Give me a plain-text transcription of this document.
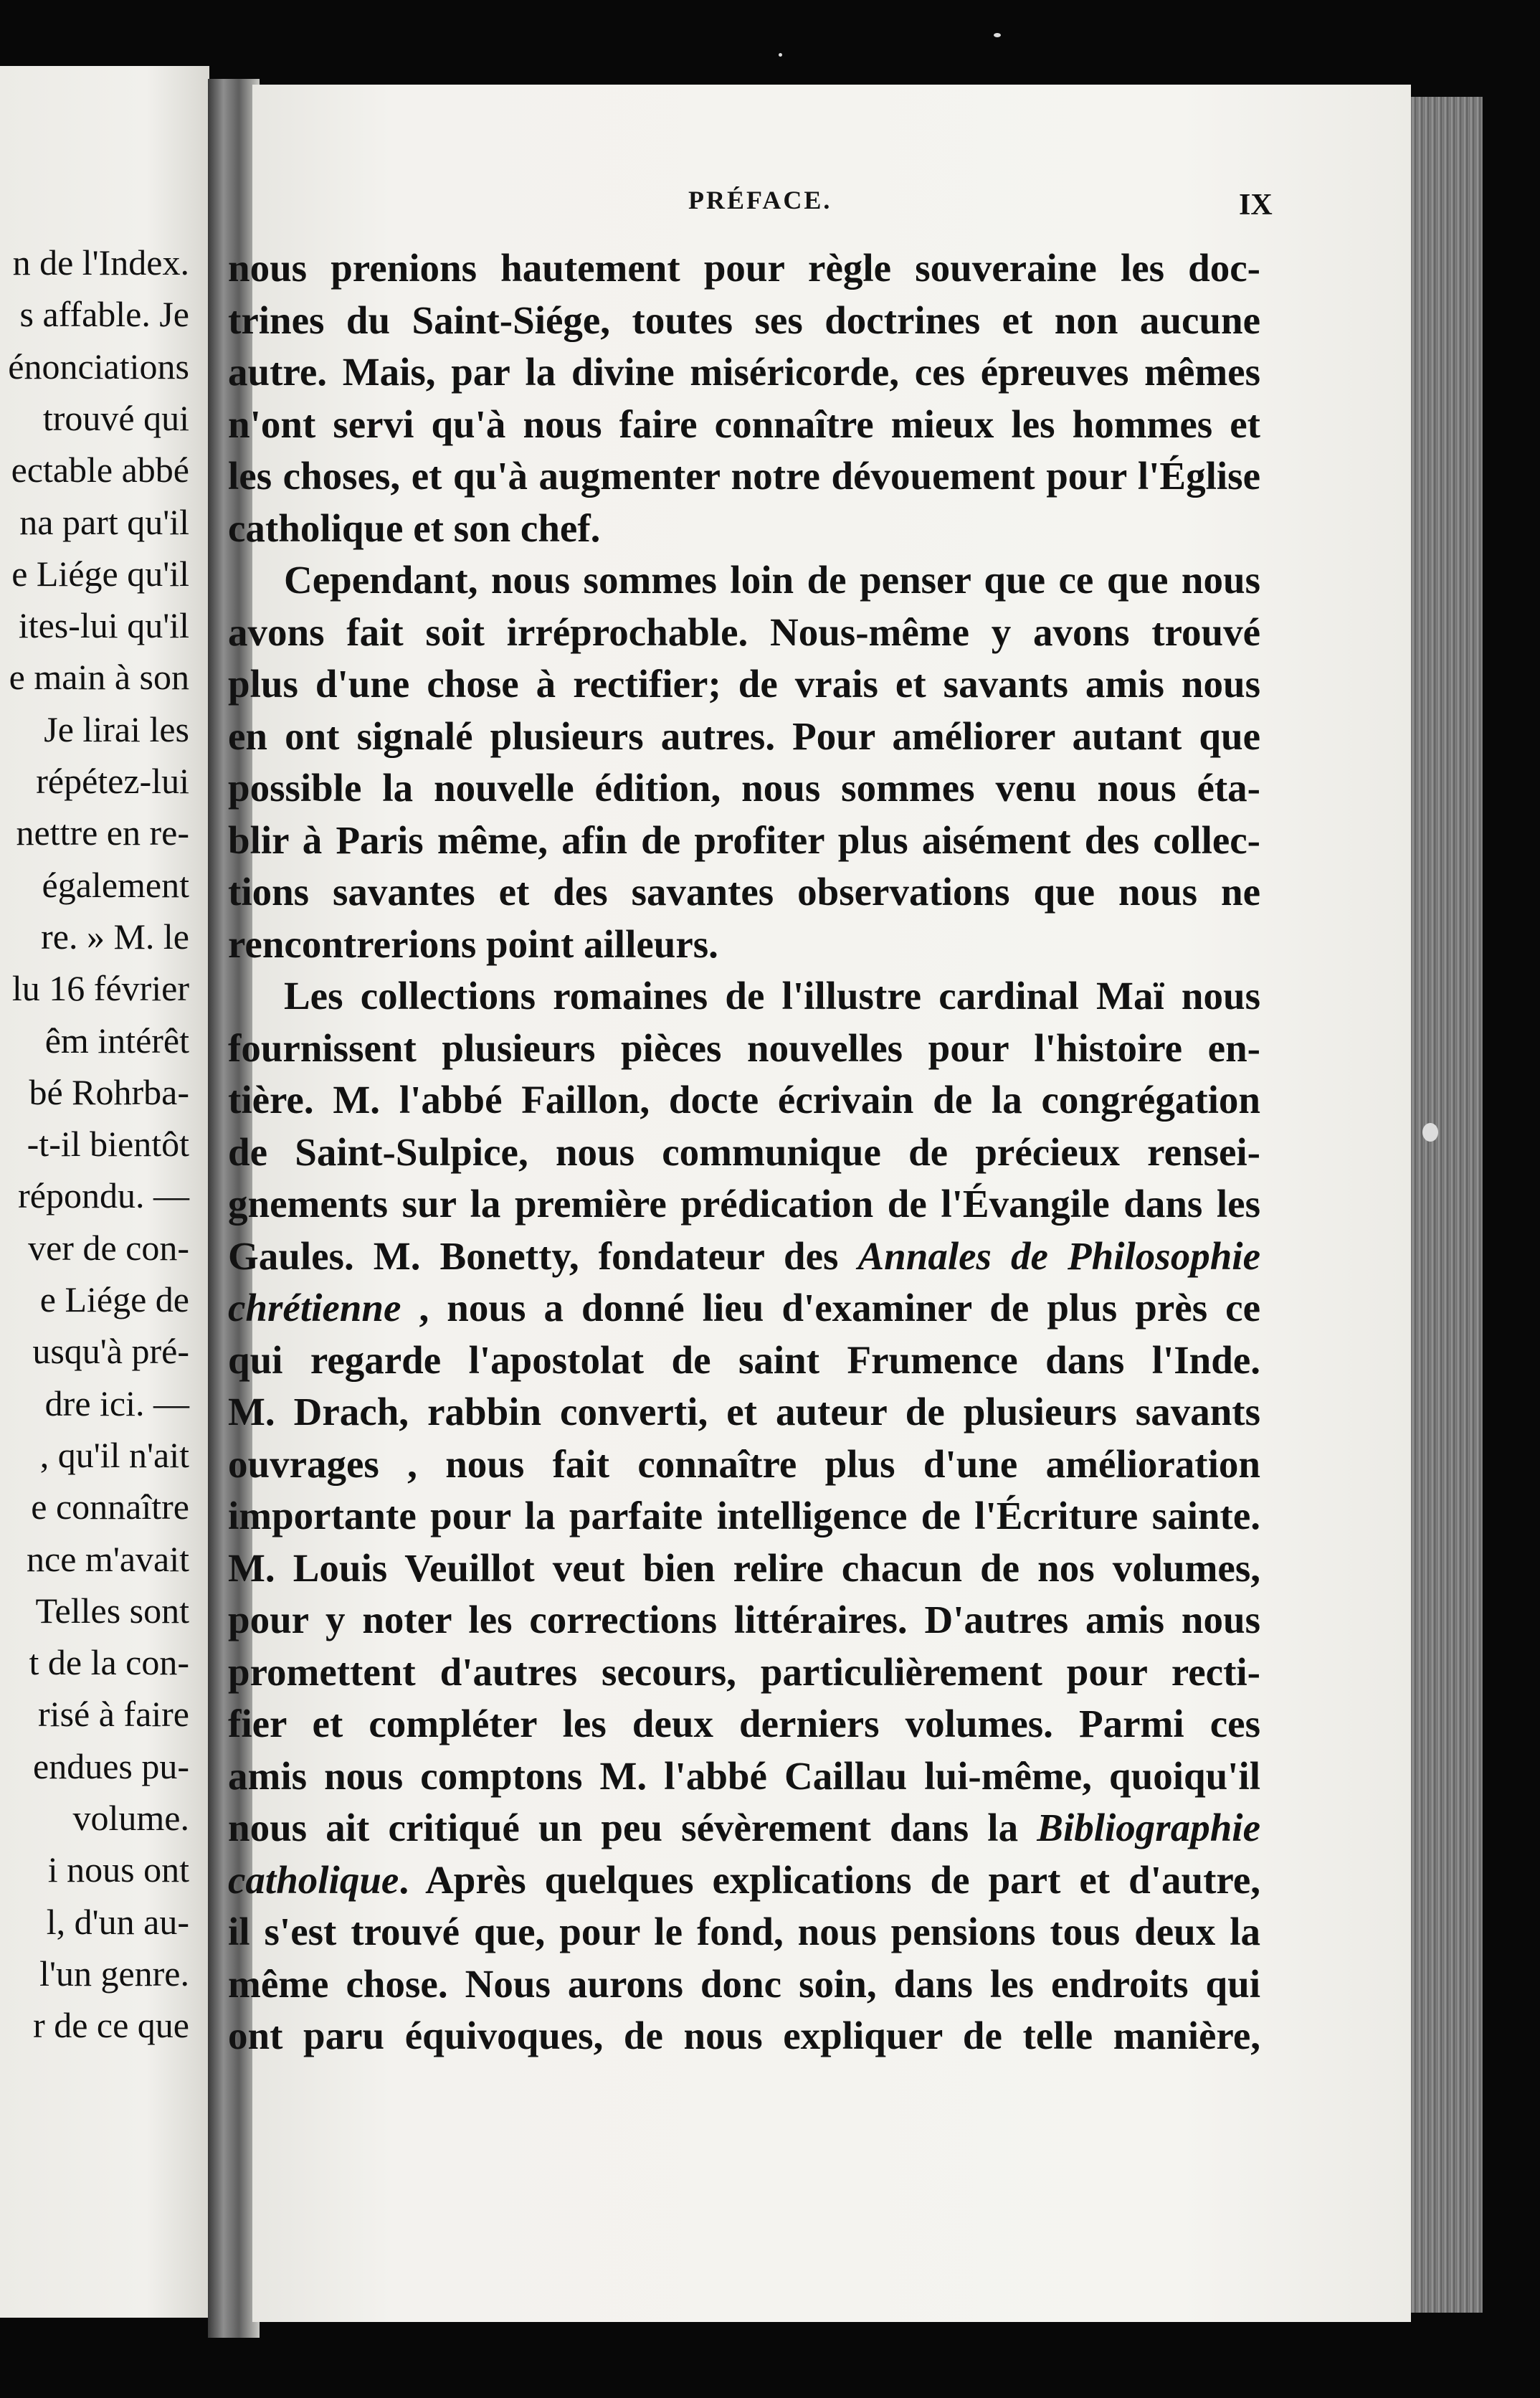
n de l'Index.
s affable. Je
énonciations
trouvé qui
ectable abbé
na part qu'il
e Liége qu'il
ites-lui qu'il
e main à son
Je lirai les
répétez-lui
nettre en re-
également
re. » M. le
lu 16 février
êm intérêt
bé Rohrba-
-t-il bientôt
répondu. —
ver de con-
e Liége de
usqu'à pré-
dre ici. —
, qu'il n'ait
e connaître
nce m'avait
Telles sont
t de la con-
risé à faire
endues pu-
volume.
i nous ont
l, d'un au-
l'un genre.
r de ce que
PRÉFACE.	IX
nous prenions hautement pour règle souveraine les doc-
trines du Saint-Siége, toutes ses doctrines et non aucune
autre. Mais, par la divine miséricorde, ces épreuves mêmes
n'ont servi qu'à nous faire connaître mieux les hommes et
les choses, et qu'à augmenter notre dévouement pour l'Église
catholique et son chef.
Cependant, nous sommes loin de penser que ce que nous
avons fait soit irréprochable. Nous-même y avons trouvé
plus d'une chose à rectifier; de vrais et savants amis nous
en ont signalé plusieurs autres. Pour améliorer autant que
possible la nouvelle édition, nous sommes venu nous éta-
blir à Paris même, afin de profiter plus aisément des collec-
tions savantes et des savantes observations que nous ne
rencontrerions point ailleurs.
Les collections romaines de l'illustre cardinal Maï nous
fournissent plusieurs pièces nouvelles pour l'histoire en-
tière. M. l'abbé Faillon, docte écrivain de la congrégation
de Saint-Sulpice, nous communique de précieux rensei-
gnements sur la première prédication de l'Évangile dans les
Gaules. M. Bonetty, fondateur des Annales de Philosophie
chrétienne , nous a donné lieu d'examiner de plus près ce
qui regarde l'apostolat de saint Frumence dans l'Inde.
M. Drach, rabbin converti, et auteur de plusieurs savants
ouvrages , nous fait connaître plus d'une amélioration
importante pour la parfaite intelligence de l'Écriture sainte.
M. Louis Veuillot veut bien relire chacun de nos volumes,
pour y noter les corrections littéraires. D'autres amis nous
promettent d'autres secours, particulièrement pour recti-
fier et compléter les deux derniers volumes. Parmi ces
amis nous comptons M. l'abbé Caillau lui-même, quoiqu'il
nous ait critiqué un peu sévèrement dans la Bibliographie
catholique. Après quelques explications de part et d'autre,
il s'est trouvé que, pour le fond, nous pensions tous deux la
même chose. Nous aurons donc soin, dans les endroits qui
ont paru équivoques, de nous expliquer de telle manière,
